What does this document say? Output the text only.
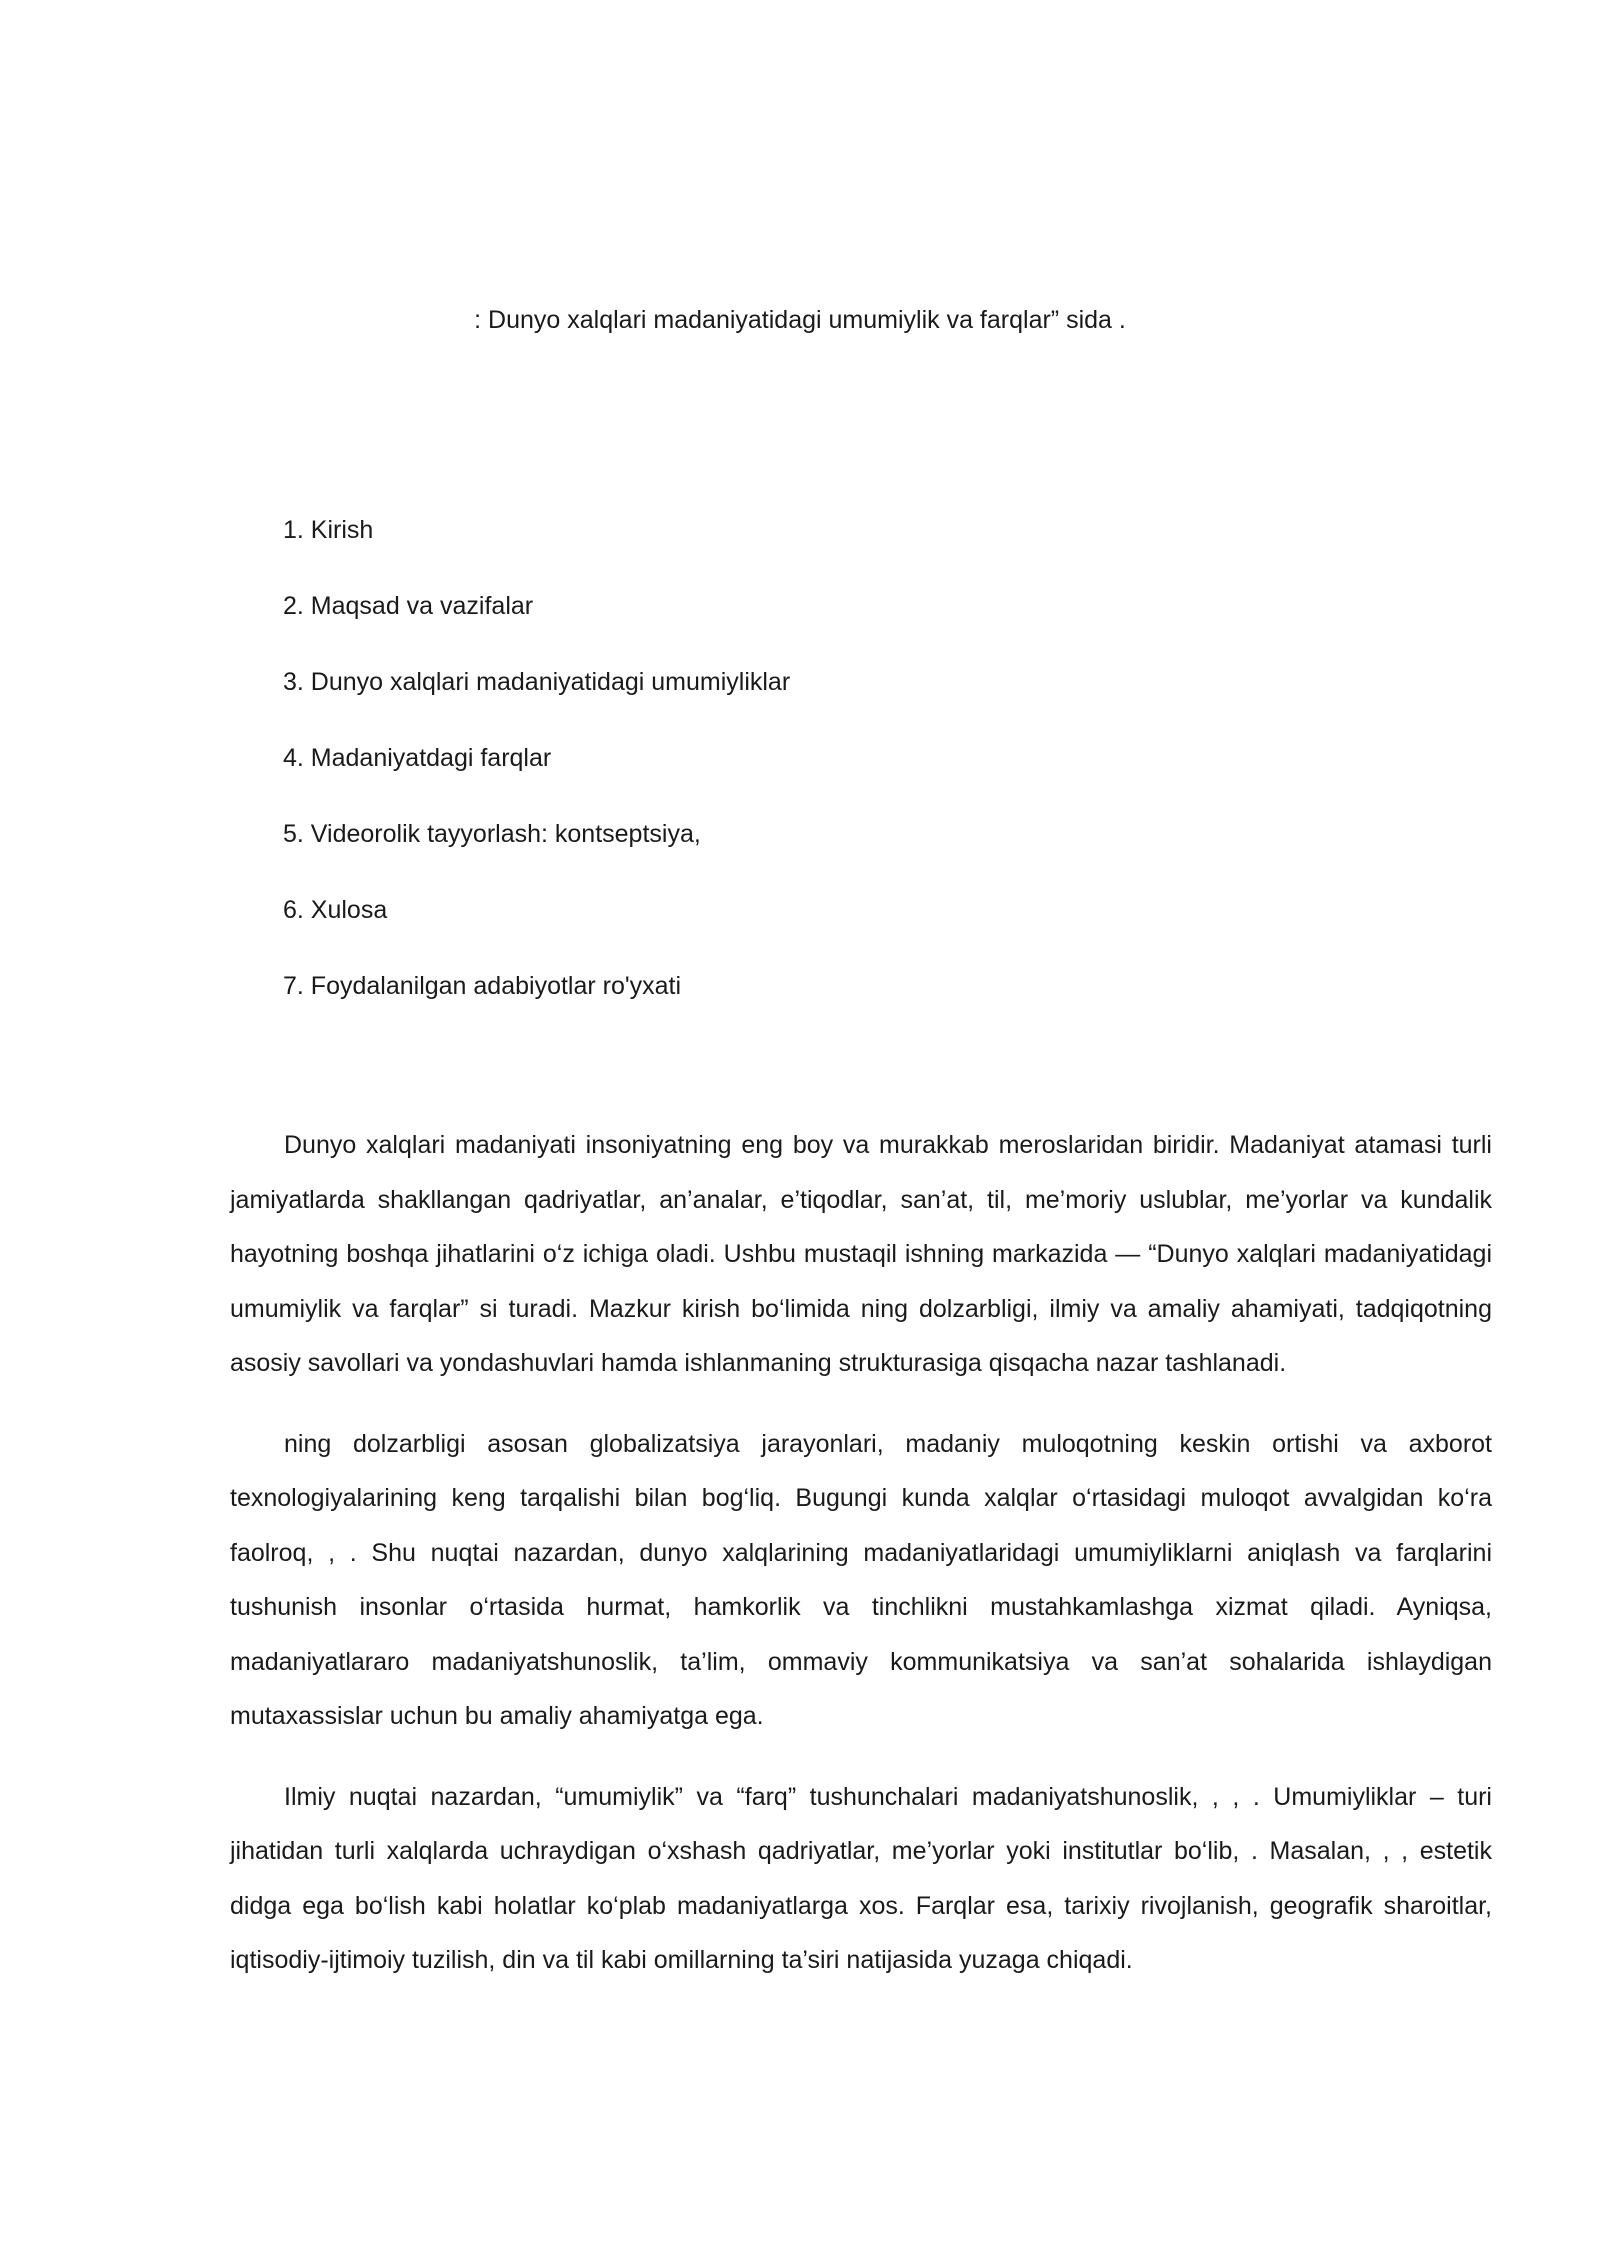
: Dunyo xalqlari madaniyatidagi umumiylik va farqlar” sida .
1. Kirish
2. Maqsad va vazifalar
3. Dunyo xalqlari madaniyatidagi umumiyliklar
4. Madaniyatdagi farqlar
5. Videorolik tayyorlash: kontseptsiya,
6. Xulosa
7. Foydalanilgan adabiyotlar ro'yxati

Dunyo xalqlari madaniyati insoniyatning eng boy va murakkab meroslaridan biridir. Madaniyat atamasi turli jamiyatlarda shakllangan qadriyatlar, an’analar, e’tiqodlar, san’at, til, me’moriy uslublar, me’yorlar va kundalik hayotning boshqa jihatlarini o‘z ichiga oladi. Ushbu mustaqil ishning markazida — “Dunyo xalqlari madaniyatidagi umumiylik va farqlar” si turadi. Mazkur kirish bo‘limida ning dolzarbligi, ilmiy va amaliy ahamiyati, tadqiqotning asosiy savollari va yondashuvlari hamda ishlanmaning strukturasiga qisqacha nazar tashlanadi.

ning dolzarbligi asosan globalizatsiya jarayonlari, madaniy muloqotning keskin ortishi va axborot texnologiyalarining keng tarqalishi bilan bog‘liq. Bugungi kunda xalqlar o‘rtasidagi muloqot avvalgidan ko‘ra faolroq, , . Shu nuqtai nazardan, dunyo xalqlarining madaniyatlaridagi umumiyliklarni aniqlash va farqlarini tushunish insonlar o‘rtasida hurmat, hamkorlik va tinchlikni mustahkamlashga xizmat qiladi. Ayniqsa, madaniyatlararo madaniyatshunoslik, ta’lim, ommaviy kommunikatsiya va san’at sohalarida ishlaydigan mutaxassislar uchun bu amaliy ahamiyatga ega.

Ilmiy nuqtai nazardan, “umumiylik” va “farq” tushunchalari madaniyatshunoslik, , , . Umumiyliklar – turi jihatidan turli xalqlarda uchraydigan o‘xshash qadriyatlar, me’yorlar yoki institutlar bo‘lib, . Masalan, , , estetik didga ega bo‘lish kabi holatlar ko‘plab madaniyatlarga xos. Farqlar esa, tarixiy rivojlanish, geografik sharoitlar, iqtisodiy-ijtimoiy tuzilish, din va til kabi omillarning ta’siri natijasida yuzaga chiqadi.
